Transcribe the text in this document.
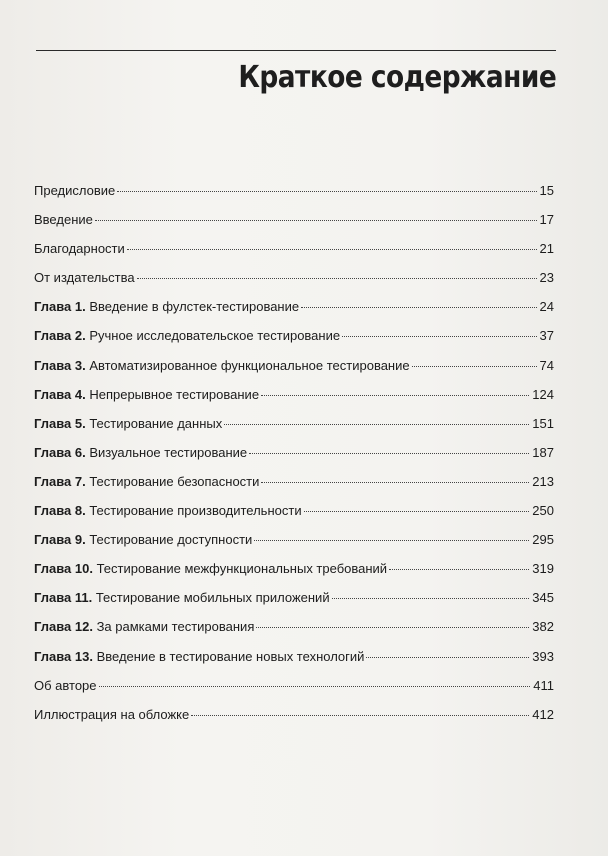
Краткое содержание
Предисловие	15
Введение	17
Благодарности	21
От издательства	23
Глава 1. Введение в фулстек-тестирование	24
Глава 2. Ручное исследовательское тестирование	37
Глава 3. Автоматизированное функциональное тестирование	74
Глава 4. Непрерывное тестирование	124
Глава 5. Тестирование данных	151
Глава 6. Визуальное тестирование	187
Глава 7. Тестирование безопасности	213
Глава 8. Тестирование производительности	250
Глава 9. Тестирование доступности	295
Глава 10. Тестирование межфункциональных требований	319
Глава 11. Тестирование мобильных приложений	345
Глава 12. За рамками тестирования	382
Глава 13. Введение в тестирование новых технологий	393
Об авторе	411
Иллюстрация на обложке	412
